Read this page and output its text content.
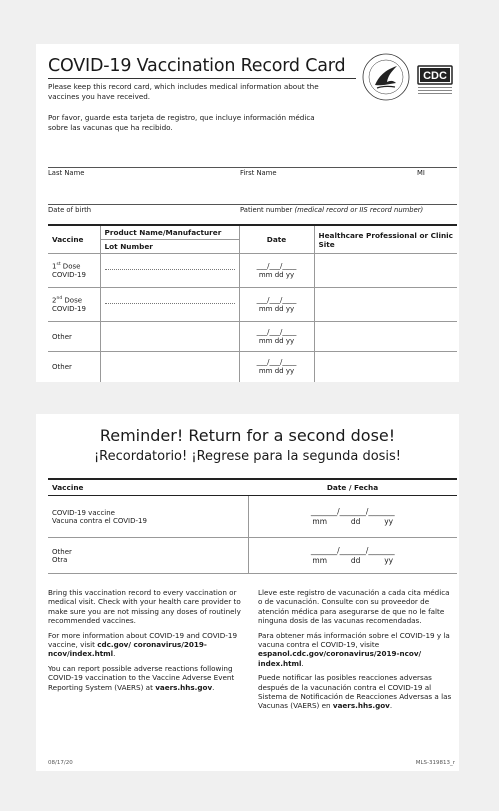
COVID-19 Vaccination Record Card

Please keep this record card, which includes medical information about the vaccines you have received.

Por favor, guarde esta tarjeta de registro, que incluye información médica sobre las vacunas que ha recibido.

CDC
Last Name	First Name	MI
Date of birth	Patient number (medical record or IIS record number)
Vaccine	Product Name/Manufacturer	Date	Healthcare Professional or Clinic Site
	Lot Number		
1st Dose
COVID-19		___/___/____
mm dd yy	

2nd Dose
COVID-19		___/___/____
mm dd yy	

Other		___/___/____
mm dd yy	

Other		___/___/____
mm dd yy	

Reminder! Return for a second dose!
¡Recordatorio! ¡Regrese para la segunda dosis!
Vaccine	Date / Fecha
COVID-19 vaccine
Vacuna contra el COVID-19	_______/_______/_______
mm          dd          yy
Other
Otra	_______/_______/_______
mm          dd          yy

Bring this vaccination record to every vaccination or medical visit. Check with your health care provider to make sure you are not missing any doses of routinely recommended vaccines.

For more information about COVID-19 and COVID-19 vaccine, visit cdc.gov/ coronavirus/2019-ncov/index.html.

You can report possible adverse reactions following COVID-19 vaccination to the Vaccine Adverse Event Reporting System (VAERS) at vaers.hhs.gov.

Lleve este registro de vacunación a cada cita médica o de vacunación. Consulte con su proveedor de atención médica para asegurarse de que no le falte ninguna dosis de las vacunas recomendadas.

Para obtener más información sobre el COVID-19 y la vacuna contra el COVID-19, visite espanol.cdc.gov/coronavirus/2019-ncov/ index.html.

Puede notificar las posibles reacciones adversas después de la vacunación contra el COVID-19 al Sistema de Notificación de Reacciones Adversas a las Vacunas (VAERS) en vaers.hhs.gov.

08/17/20	MLS-319813_r
